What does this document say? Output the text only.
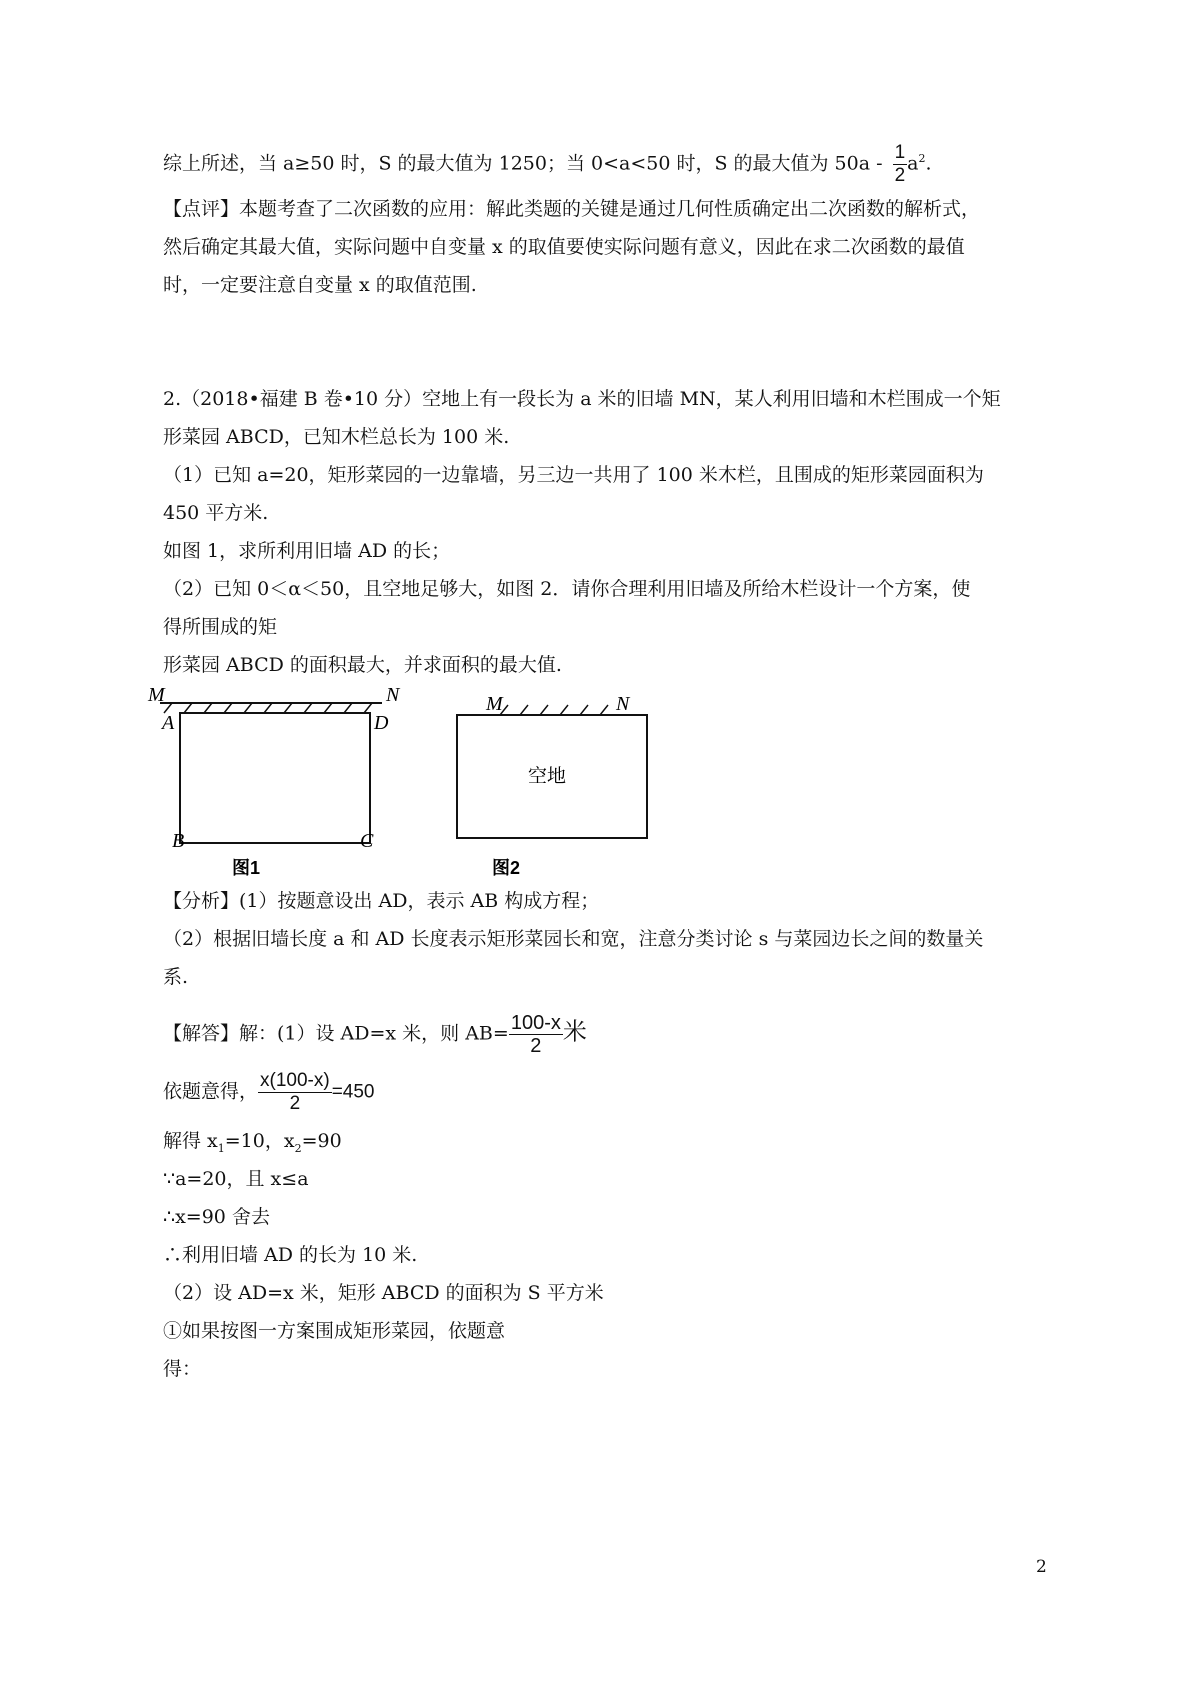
综上所述，当 a≥50 时，S 的最大值为 1250；当 0<a<50 时，S 的最大值为 $50a - \frac{1}{2} a^2$.
【点评】本题考查了二次函数的应用：解此类题的关键是通过几何性质确定出二次函数的解析式，
然后确定其最大值，实际问题中自变量 x 的取值要使实际问题有意义，因此在求二次函数的最值
时，一定要注意自变量 x 的取值范围.
2.（2018•福建 B 卷•10 分）空地上有一段长为 a 米的旧墙 MN，某人利用旧墙和木栏围成一个矩
形菜园 ABCD，已知木栏总长为 100 米.
（1）已知 a=20，矩形菜园的一边靠墙，另三边一共用了 100 米木栏，且围成的矩形菜园面积为
450 平方米.
如图 1，求所利用旧墙 AD 的长；
（2）已知 0＜α＜50，且空地足够大，如图 2．请你合理利用旧墙及所给木栏设计一个方案，使
得所围成的矩
形菜园 ABCD 的面积最大，并求面积的最大值.
M	N
A	D
B	C
图1
M	N
空地
图2
【分析】(1）按题意设出 AD，表示 AB 构成方程；
（2）根据旧墙长度 a 和 AD 长度表示矩形菜园长和宽，注意分类讨论 s 与菜园边长之间的数量关
系.
【解答】解：(1）设 AD=x 米，则 $AB= \frac{100-x}{2}$ 米
依题意得， $\frac{x(100-x)}{2} =450$
解得 $x_1=10$，$x_2=90$
∵a=20，且 x≤a
∴x=90 舍去
∴利用旧墙 AD 的长为 10 米.
（2）设 AD=x 米，矩形 ABCD 的面积为 S 平方米
①如果按图一方案围成矩形菜园，依题意
得：
2
